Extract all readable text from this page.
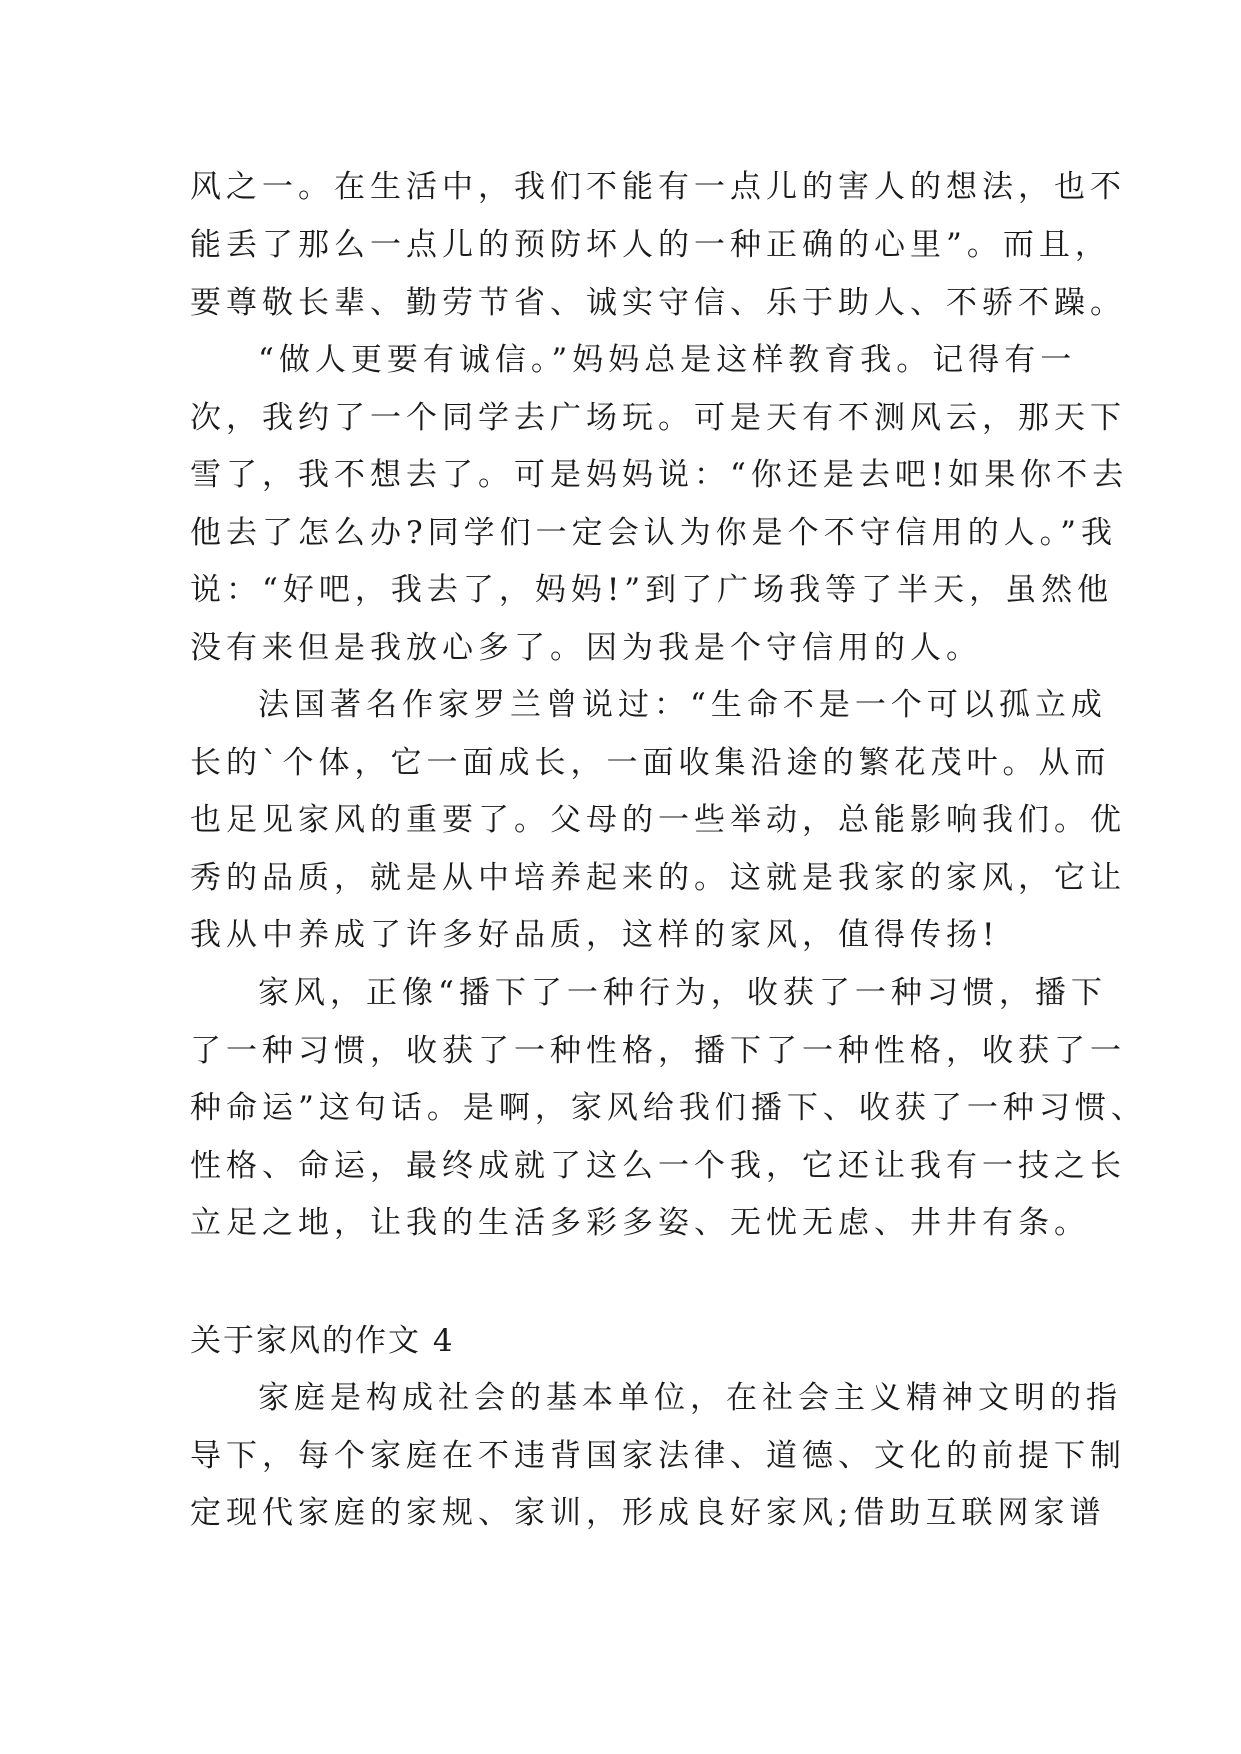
风之一。在生活中，我们不能有一点儿的害人的想法，也不
能丢了那么一点儿的预防坏人的一种正确的心里”。而且，
要尊敬长辈、勤劳节省、诚实守信、乐于助人、不骄不躁。
“做人更要有诚信。”妈妈总是这样教育我。记得有一
次，我约了一个同学去广场玩。可是天有不测风云，那天下
雪了，我不想去了。可是妈妈说：“你还是去吧!如果你不去
他去了怎么办?同学们一定会认为你是个不守信用的人。”我
说：“好吧，我去了，妈妈!”到了广场我等了半天，虽然他
没有来但是我放心多了。因为我是个守信用的人。
法国著名作家罗兰曾说过：“生命不是一个可以孤立成
长的`个体，它一面成长，一面收集沿途的繁花茂叶。从而
也足见家风的重要了。父母的一些举动，总能影响我们。优
秀的品质，就是从中培养起来的。这就是我家的家风，它让
我从中养成了许多好品质，这样的家风，值得传扬!
家风，正像“播下了一种行为，收获了一种习惯，播下
了一种习惯，收获了一种性格，播下了一种性格，收获了一
种命运”这句话。是啊，家风给我们播下、收获了一种习惯、
性格、命运，最终成就了这么一个我，它还让我有一技之长
立足之地，让我的生活多彩多姿、无忧无虑、井井有条。
家庭是构成社会的基本单位，在社会主义精神文明的指
导下，每个家庭在不违背国家法律、道德、文化的前提下制
定现代家庭的家规、家训，形成良好家风;借助互联网家谱
关于家风的作文 4
